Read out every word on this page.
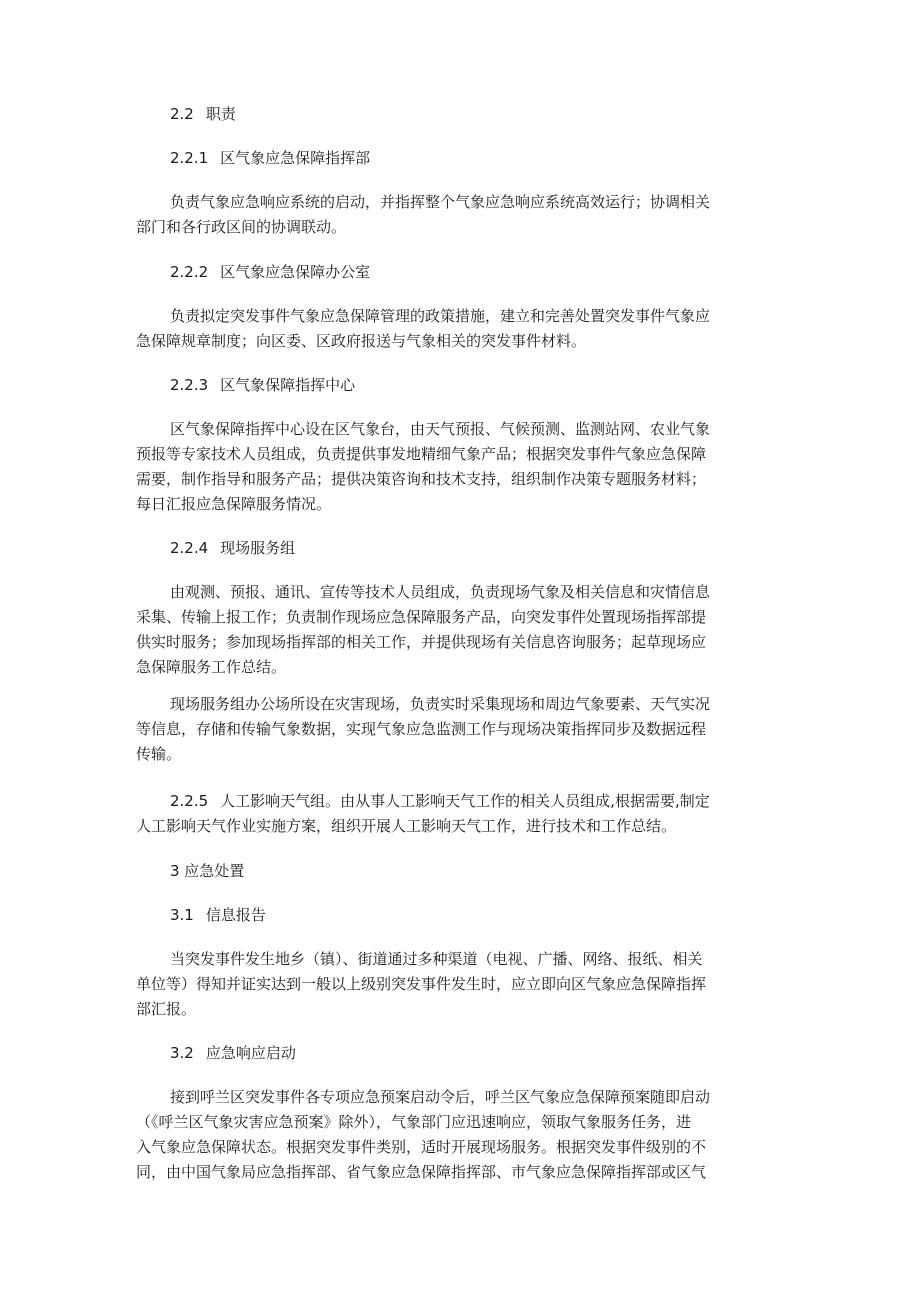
2.2 职责
2.2.1 区气象应急保障指挥部
负责气象应急响应系统的启动，并指挥整个气象应急响应系统高效运行；协调相关
部门和各行政区间的协调联动。
2.2.2 区气象应急保障办公室
负责拟定突发事件气象应急保障管理的政策措施，建立和完善处置突发事件气象应
急保障规章制度；向区委、区政府报送与气象相关的突发事件材料。
2.2.3 区气象保障指挥中心
区气象保障指挥中心设在区气象台，由天气预报、气候预测、监测站网、农业气象
预报等专家技术人员组成，负责提供事发地精细气象产品；根据突发事件气象应急保障
需要，制作指导和服务产品；提供决策咨询和技术支持，组织制作决策专题服务材料；
每日汇报应急保障服务情况。
2.2.4 现场服务组
由观测、预报、通讯、宣传等技术人员组成，负责现场气象及相关信息和灾情信息
采集、传输上报工作；负责制作现场应急保障服务产品，向突发事件处置现场指挥部提
供实时服务；参加现场指挥部的相关工作，并提供现场有关信息咨询服务；起草现场应
急保障服务工作总结。
现场服务组办公场所设在灾害现场，负责实时采集现场和周边气象要素、天气实况
等信息，存储和传输气象数据，实现气象应急监测工作与现场决策指挥同步及数据远程
传输。
2.2.5 人工影响天气组。由从事人工影响天气工作的相关人员组成,根据需要,制定
人工影响天气作业实施方案，组织开展人工影响天气工作，进行技术和工作总结。
3 应急处置
3.1 信息报告
当突发事件发生地乡（镇）、街道通过多种渠道（电视、广播、网络、报纸、相关
单位等）得知并证实达到一般以上级别突发事件发生时，应立即向区气象应急保障指挥
部汇报。
3.2 应急响应启动
接到呼兰区突发事件各专项应急预案启动令后，呼兰区气象应急保障预案随即启动
（《呼兰区气象灾害应急预案》除外），气象部门应迅速响应，领取气象服务任务，进
入气象应急保障状态。根据突发事件类别，适时开展现场服务。根据突发事件级别的不
同，由中国气象局应急指挥部、省气象应急保障指挥部、市气象应急保障指挥部或区气
